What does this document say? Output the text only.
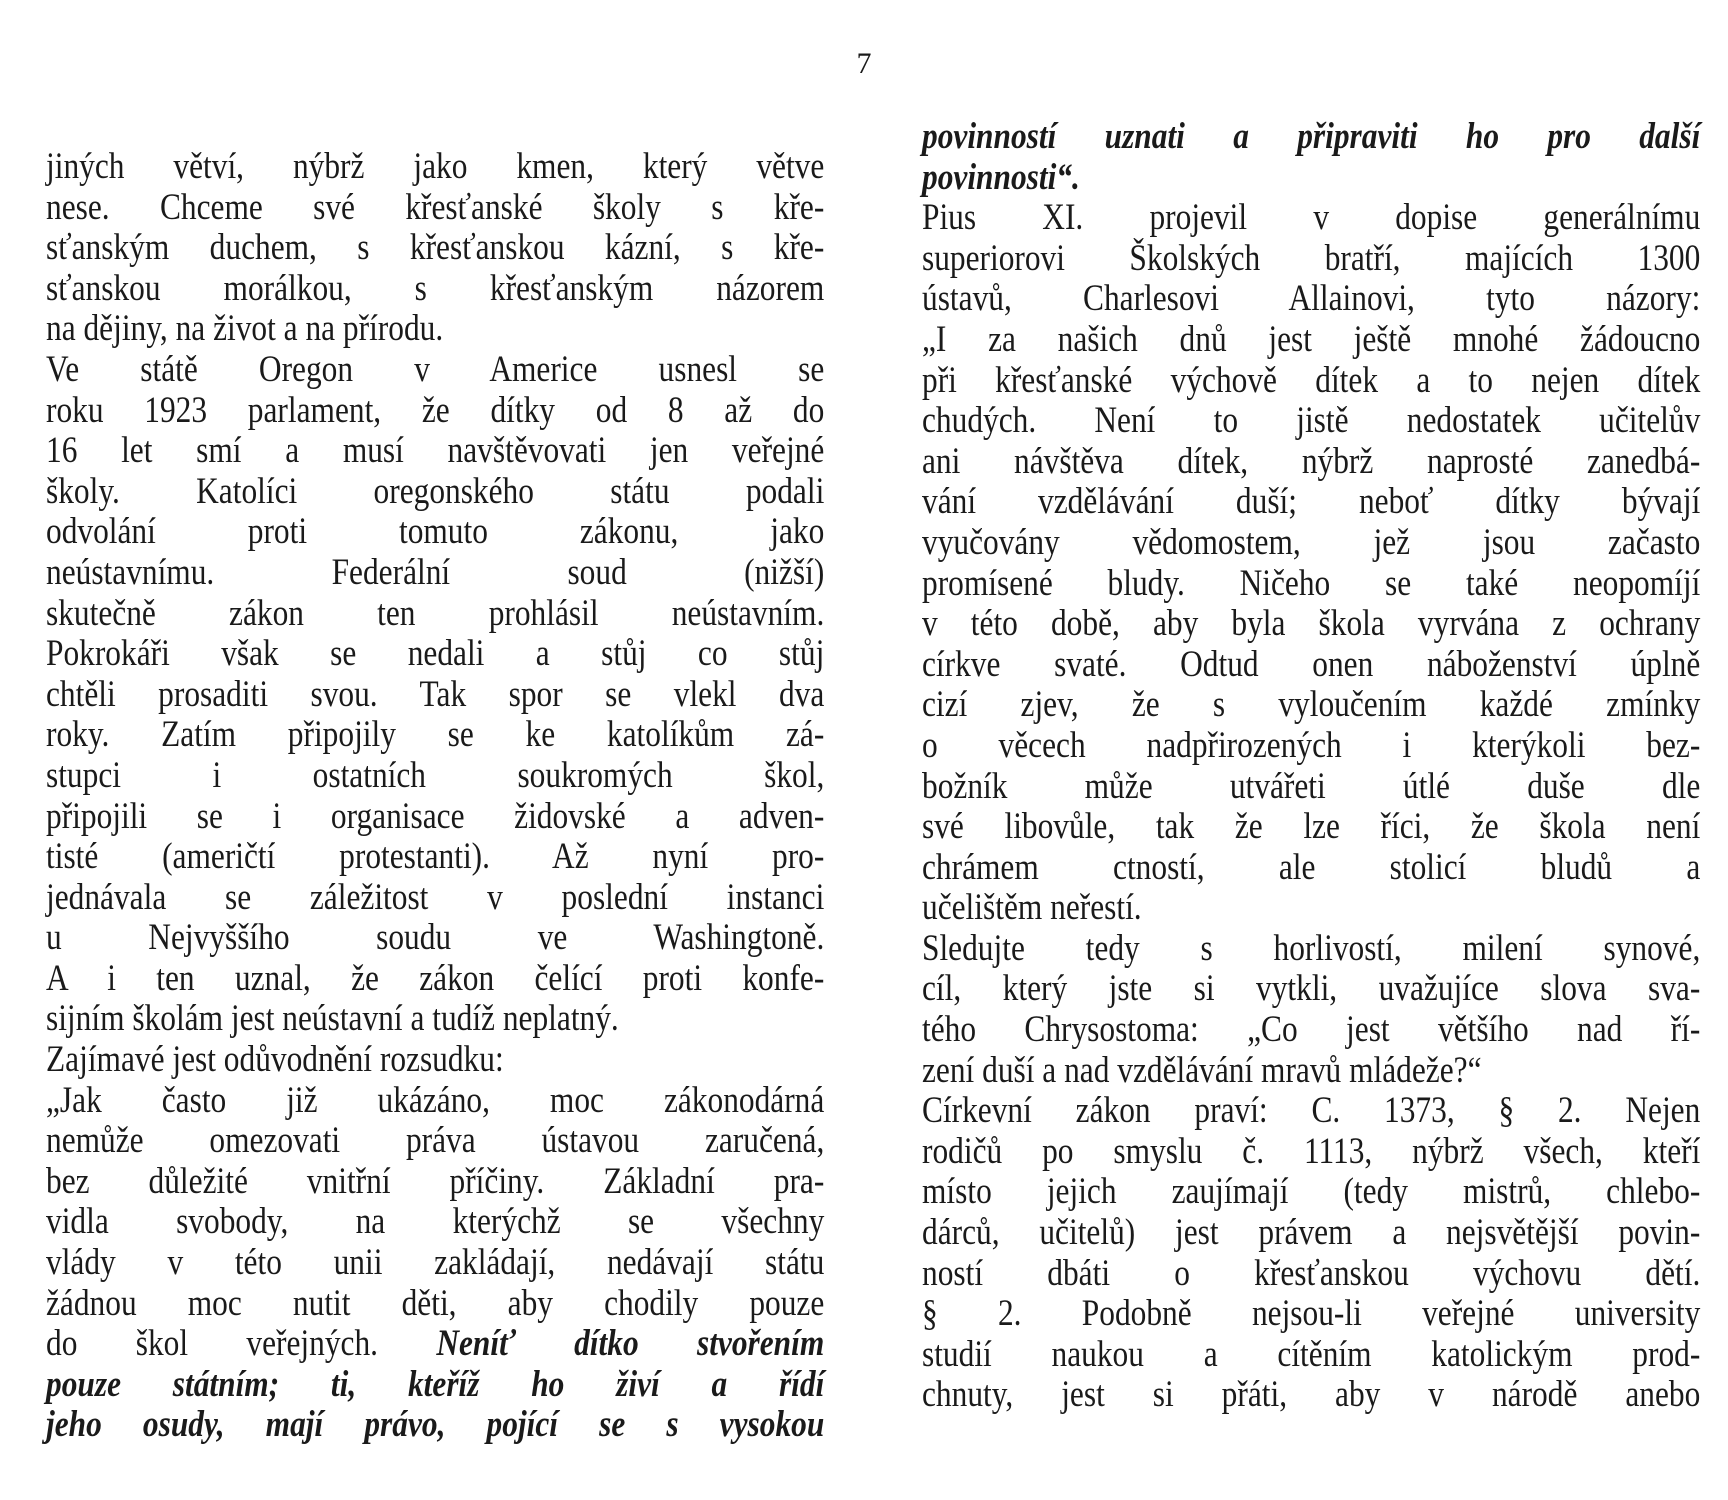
7
jiných větví, nýbrž jako kmen, který větve
nese. Chceme své křesťanské školy s kře-
sťanským duchem, s křesťanskou kázní, s kře-
sťanskou morálkou, s křesťanským názorem
na dějiny, na život a na přírodu.
Ve státě Oregon v Americe usnesl se
roku 1923 parlament, že dítky od 8 až do
16 let smí a musí navštěvovati jen veřejné
školy. Katolíci oregonského státu podali
odvolání proti tomuto zákonu, jako
neústavnímu. Federální soud (nižší)
skutečně zákon ten prohlásil neústavním.
Pokrokáři však se nedali a stůj co stůj
chtěli prosaditi svou. Tak spor se vlekl dva
roky. Zatím připojily se ke katolíkům zá-
stupci i ostatních soukromých škol,
připojili se i organisace židovské a adven-
tisté (američtí protestanti). Až nyní pro-
jednávala se záležitost v poslední instanci
u Nejvyššího soudu ve Washingtoně.
A i ten uznal, že zákon čelící proti konfe-
sijním školám jest neústavní a tudíž neplatný.
Zajímavé jest odůvodnění rozsudku:
„Jak často již ukázáno, moc zákonodárná
nemůže omezovati práva ústavou zaručená,
bez důležité vnitřní příčiny. Základní pra-
vidla svobody, na kterýchž se všechny
vlády v této unii zakládají, nedávají státu
žádnou moc nutit děti, aby chodily pouze
do škol veřejných. Neníť dítko stvořením
pouze státním; ti, kteříž ho živí a řídí
jeho osudy, mají právo, pojící se s vysokou
povinností uznati a připraviti ho pro další
povinnosti“.
Pius XI. projevil v dopise generálnímu
superiorovi Školských bratří, majících 1300
ústavů, Charlesovi Allainovi, tyto názory:
„I za našich dnů jest ještě mnohé žádoucno
při křesťanské výchově dítek a to nejen dítek
chudých. Není to jistě nedostatek učitelův
ani návštěva dítek, nýbrž naprosté zanedbá-
vání vzdělávání duší; neboť dítky bývají
vyučovány vědomostem, jež jsou začasto
promísené bludy. Ničeho se také neopomíjí
v této době, aby byla škola vyrvána z ochrany
církve svaté. Odtud onen náboženství úplně
cizí zjev, že s vyloučením každé zmínky
o věcech nadpřirozených i kterýkoli bez-
božník může utvářeti útlé duše dle
své libovůle, tak že lze říci, že škola není
chrámem ctností, ale stolicí bludů a
učelištěm neřestí.
Sledujte tedy s horlivostí, milení synové,
cíl, který jste si vytkli, uvažujíce slova sva-
tého Chrysostoma: „Co jest většího nad ří-
zení duší a nad vzdělávání mravů mládeže?“
Církevní zákon praví: C. 1373, § 2. Nejen
rodičů po smyslu č. 1113, nýbrž všech, kteří
místo jejich zaujímají (tedy mistrů, chlebo-
dárců, učitelů) jest právem a nejsvětější povin-
ností dbáti o křesťanskou výchovu dětí.
§ 2. Podobně nejsou-li veřejné university
studií naukou a cítěním katolickým prod-
chnuty, jest si přáti, aby v národě anebo
